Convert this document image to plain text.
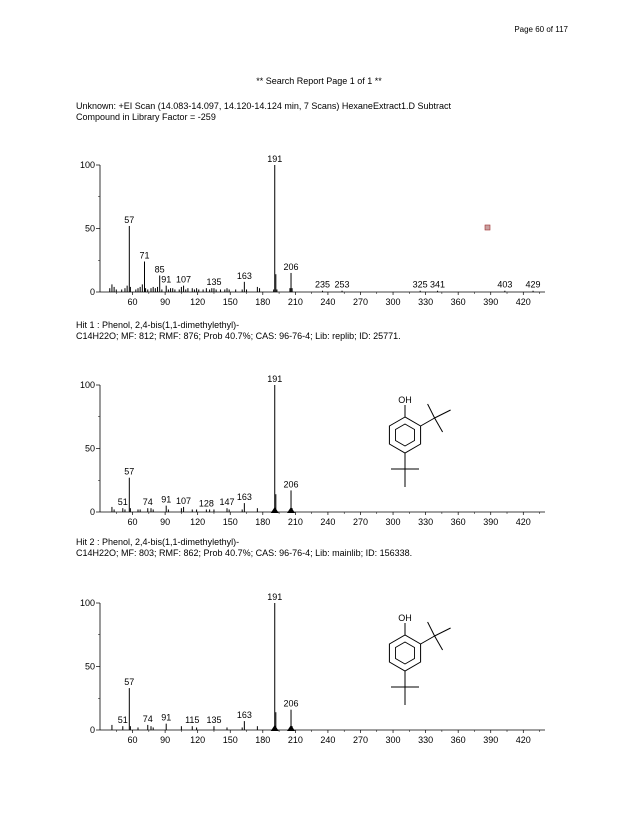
Page 60 of 117
** Search Report Page 1 of 1 **
Unknown: +EI Scan (14.083-14.097, 14.120-14.124 min, 7 Scans) HexaneExtract1.D Subtract
Compound in Library Factor = -259
0
50
100
60	90 120 150 180 210 240 270 300 330 360 390 420
57
71
85
91 107 135
163
191
206
235 253	325 341	403 429
Hit 1 : Phenol, 2,4-bis(1,1-dimethylethyl)-
C14H22O; MF: 812; RMF: 876; Prob 40.7%; CAS: 96-76-4; Lib: replib; ID: 25771.
0
50
100
60	90 120 150 180 210 240 270 300 330 360 390 420
51
57
74 91 107 128 147
163
191
206
OH
Hit 2 : Phenol, 2,4-bis(1,1-dimethylethyl)-
C14H22O; MF: 803; RMF: 862; Prob 40.7%; CAS: 96-76-4; Lib: mainlib; ID: 156338.
0
50
100
60	90 120 150 180 210 240 270 300 330 360 390 420
51
57
74 91 115 135
163
191
206
OH
